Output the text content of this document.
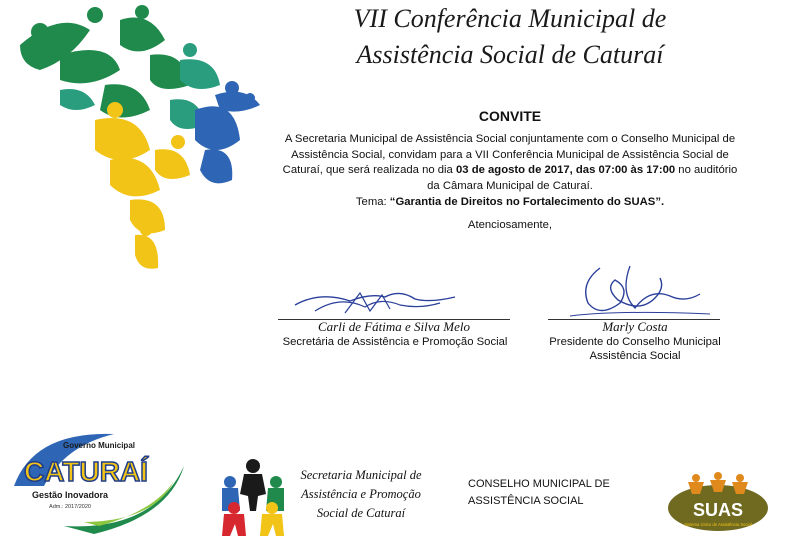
VII Conferência Municipal de
Assistência Social de Caturaí
CONVITE
A Secretaria Municipal de Assistência Social conjuntamente com o Conselho Municipal de Assistência Social, convidam para a VII Conferência Municipal de Assistência Social de Caturaí, que será realizada no dia 03 de agosto de 2017, das 07:00 às 17:00 no auditório da Câmara Municipal de Caturaí.
Tema: “Garantia de Direitos no Fortalecimento do SUAS”.
Atenciosamente,
Carli de Fátima e Silva Melo
Secretária de Assistência e Promoção Social
Marly Costa
Presidente do Conselho Municipal
Assistência Social
Governo Municipal
CATURAÍ
Gestão Inovadora
Adm.: 2017/2020
Secretaria Municipal de
Assistência e Promoção
Social de Caturaí
CONSELHO MUNICIPAL DE
ASSISTÊNCIA SOCIAL	SUAS
Sistema Único de Assistência Social
